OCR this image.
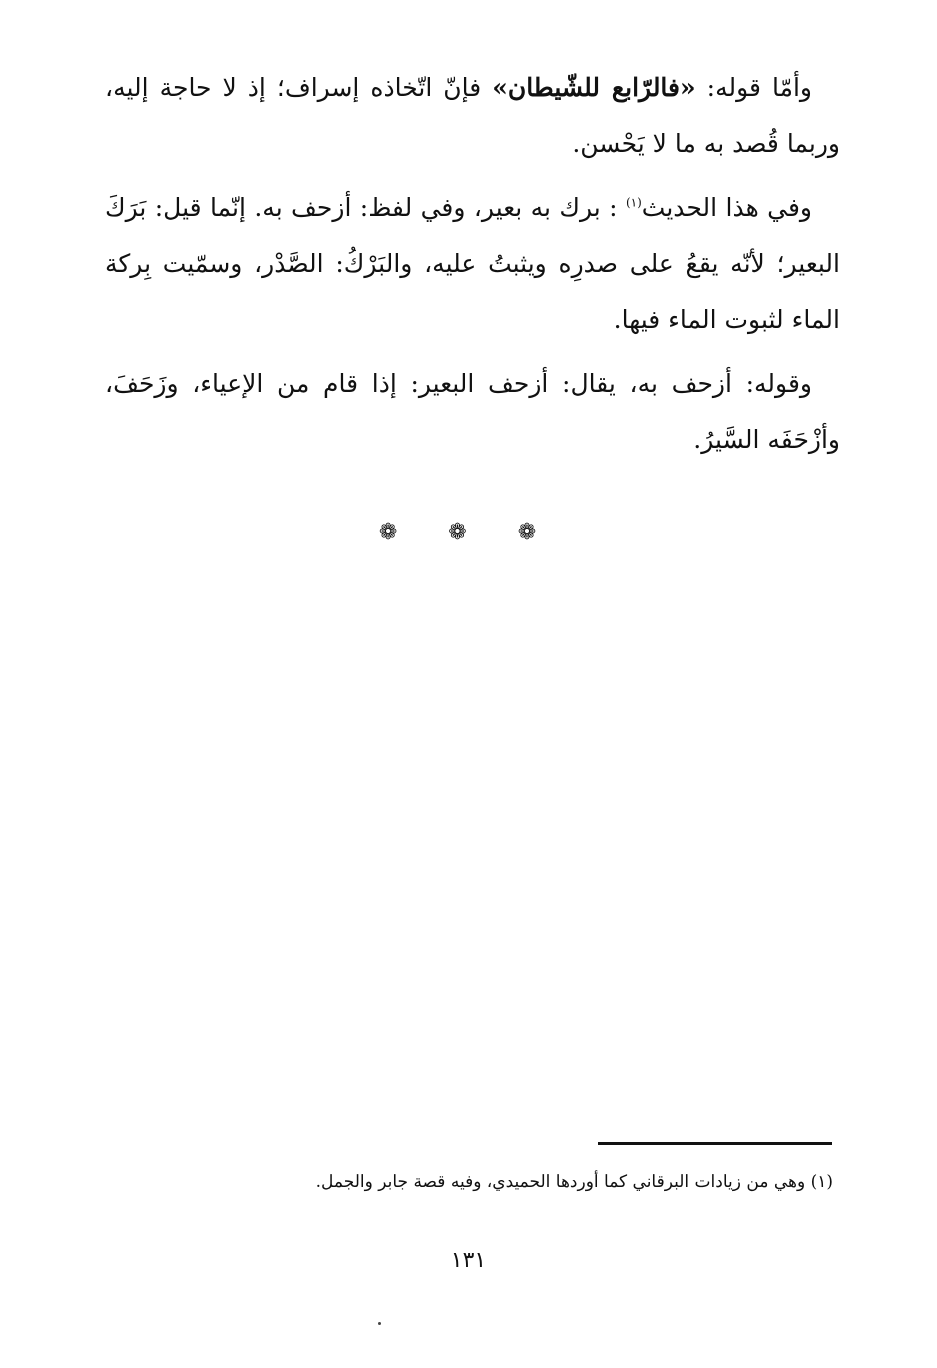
وأمّا قوله: «فالرّابع للشّيطان» فإنّ اتّخاذه إسراف؛ إذ لا حاجة إليه، وربما قُصد به ما لا يَحْسن.

وفي هذا الحديث$^{(١)}$ : برك به بعير، وفي لفظ: أزحف به. إنّما قيل: بَرَكَ البعير؛ لأنّه يقعُ على صدرِه ويثبتُ عليه، والبَرْكُ: الصَّدْر، وسمّيت بِركة الماء لثبوت الماء فيها.

وقوله: أزحف به، يقال: أزحف البعير: إذا قام من الإعياء، وزَحَفَ، وأزْحَفَه السَّيرُ.

❁ ❁ ❁
(١) وهي من زيادات البرقاني كما أوردها الحميدي، وفيه قصة جابر والجمل.
١٣١
